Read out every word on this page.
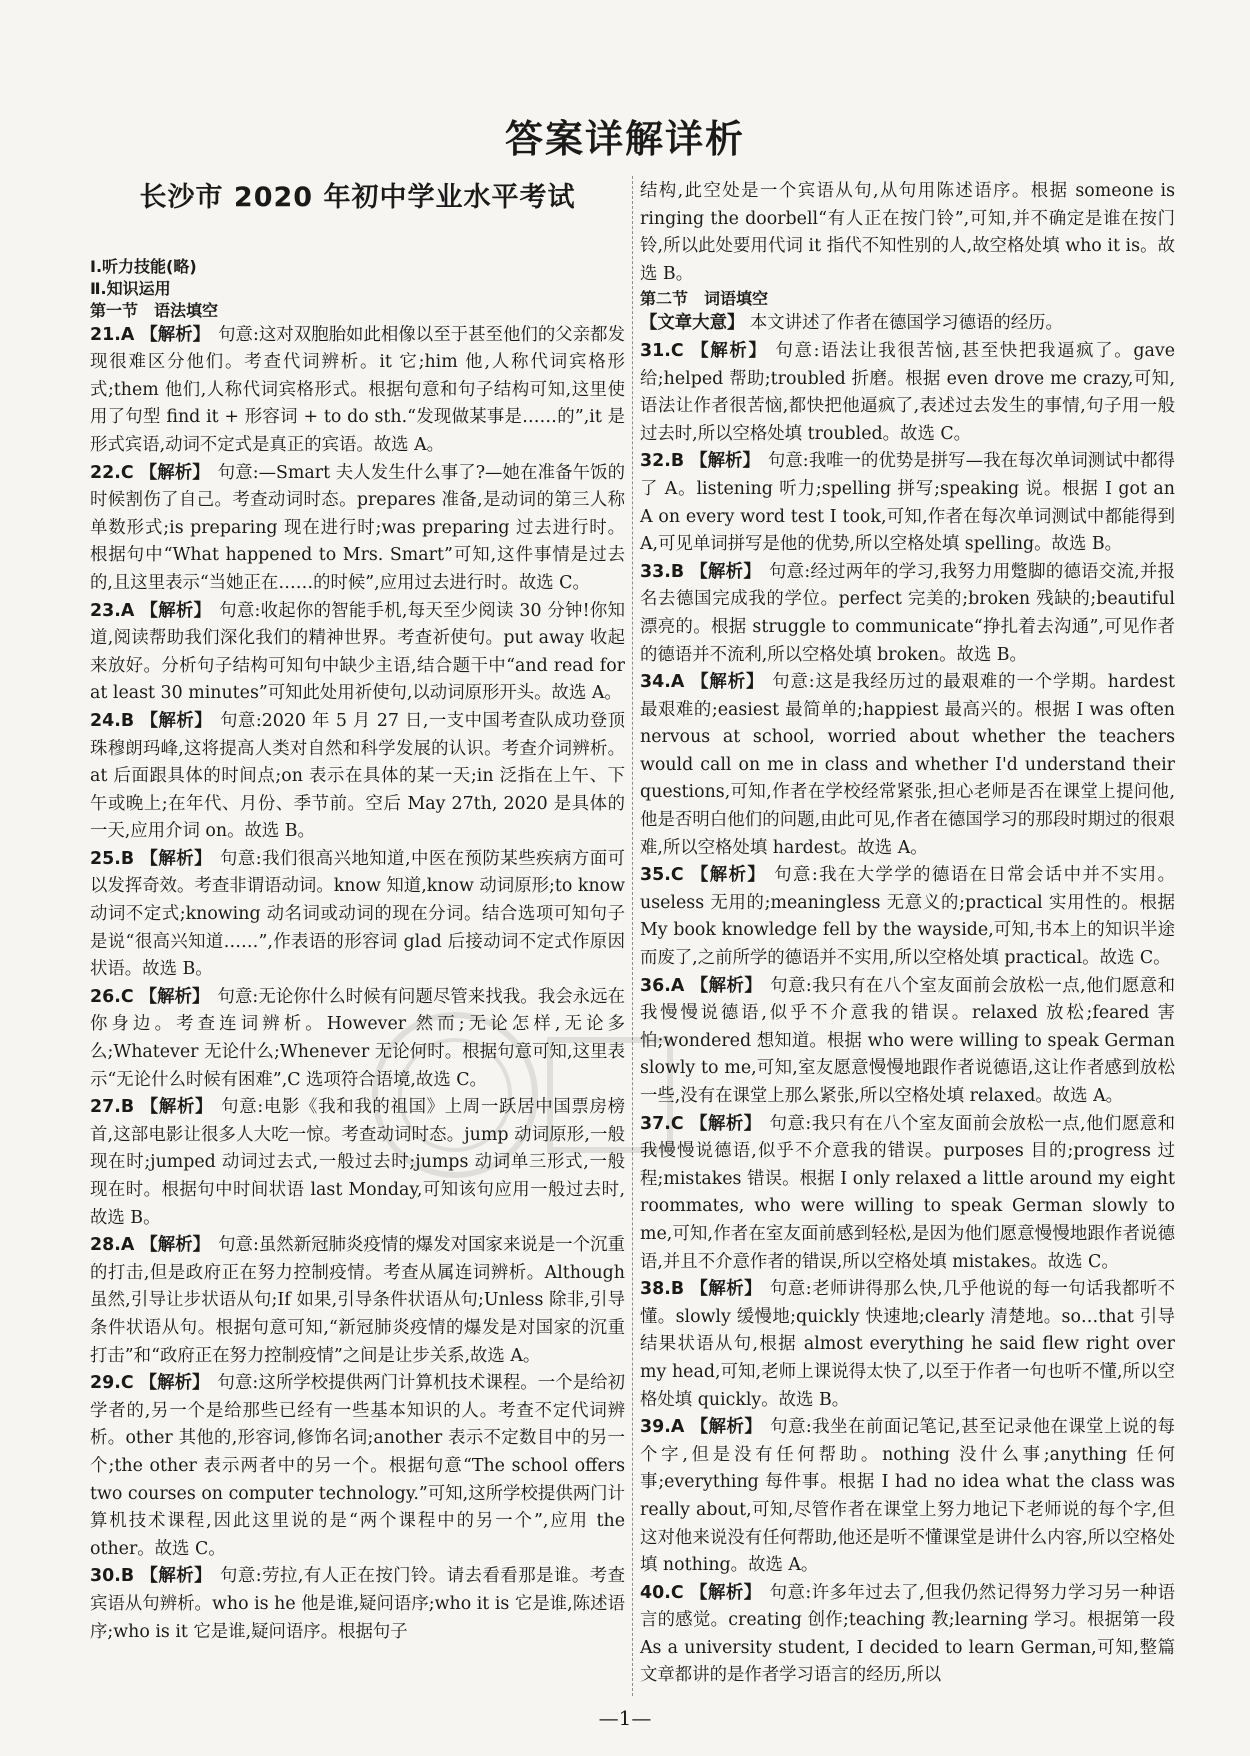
答案详解详析
长沙市 2020 年初中学业水平考试
Ⅰ.听力技能(略)
Ⅱ.知识运用
第一节　语法填空

21.A 【解析】 句意:这对双胞胎如此相像以至于甚至他们的父亲都发现很难区分他们。考查代词辨析。it 它;him 他,人称代词宾格形式;them 他们,人称代词宾格形式。根据句意和句子结构可知,这里使用了句型 find it + 形容词 + to do sth.“发现做某事是……的”,it 是形式宾语,动词不定式是真正的宾语。故选 A。

22.C 【解析】 句意:—Smart 夫人发生什么事了?—她在准备午饭的时候割伤了自己。考查动词时态。prepares 准备,是动词的第三人称单数形式;is preparing 现在进行时;was preparing 过去进行时。根据句中“What happened to Mrs. Smart”可知,这件事情是过去的,且这里表示“当她正在……的时候”,应用过去进行时。故选 C。

23.A 【解析】 句意:收起你的智能手机,每天至少阅读 30 分钟!你知道,阅读帮助我们深化我们的精神世界。考查祈使句。put away 收起来放好。分析句子结构可知句中缺少主语,结合题干中“and read for at least 30 minutes”可知此处用祈使句,以动词原形开头。故选 A。

24.B 【解析】 句意:2020 年 5 月 27 日,一支中国考查队成功登顶珠穆朗玛峰,这将提高人类对自然和科学发展的认识。考查介词辨析。at 后面跟具体的时间点;on 表示在具体的某一天;in 泛指在上午、下午或晚上;在年代、月份、季节前。空后 May 27th, 2020 是具体的一天,应用介词 on。故选 B。

25.B 【解析】 句意:我们很高兴地知道,中医在预防某些疾病方面可以发挥奇效。考查非谓语动词。know 知道,know 动词原形;to know 动词不定式;knowing 动名词或动词的现在分词。结合选项可知句子是说“很高兴知道……”,作表语的形容词 glad 后接动词不定式作原因状语。故选 B。

26.C 【解析】 句意:无论你什么时候有问题尽管来找我。我会永远在你身边。考查连词辨析。However 然而;无论怎样,无论多么;Whatever 无论什么;Whenever 无论何时。根据句意可知,这里表示“无论什么时候有困难”,C 选项符合语境,故选 C。

27.B 【解析】 句意:电影《我和我的祖国》上周一跃居中国票房榜首,这部电影让很多人大吃一惊。考查动词时态。jump 动词原形,一般现在时;jumped 动词过去式,一般过去时;jumps 动词单三形式,一般现在时。根据句中时间状语 last Monday,可知该句应用一般过去时,故选 B。

28.A 【解析】 句意:虽然新冠肺炎疫情的爆发对国家来说是一个沉重的打击,但是政府正在努力控制疫情。考查从属连词辨析。Although 虽然,引导让步状语从句;If 如果,引导条件状语从句;Unless 除非,引导条件状语从句。根据句意可知,“新冠肺炎疫情的爆发是对国家的沉重打击”和“政府正在努力控制疫情”之间是让步关系,故选 A。

29.C 【解析】 句意:这所学校提供两门计算机技术课程。一个是给初学者的,另一个是给那些已经有一些基本知识的人。考查不定代词辨析。other 其他的,形容词,修饰名词;another 表示不定数目中的另一个;the other 表示两者中的另一个。根据句意“The school offers two courses on computer technology.”可知,这所学校提供两门计算机技术课程,因此这里说的是“两个课程中的另一个”,应用 the other。故选 C。

30.B 【解析】 句意:劳拉,有人正在按门铃。请去看看那是谁。考查宾语从句辨析。who is he 他是谁,疑问语序;who it is 它是谁,陈述语序;who is it 它是谁,疑问语序。根据句子

结构,此空处是一个宾语从句,从句用陈述语序。根据 someone is ringing the doorbell“有人正在按门铃”,可知,并不确定是谁在按门铃,所以此处要用代词 it 指代不知性别的人,故空格处填 who it is。故选 B。

第二节　词语填空

【文章大意】 本文讲述了作者在德国学习德语的经历。

31.C 【解析】 句意:语法让我很苦恼,甚至快把我逼疯了。gave 给;helped 帮助;troubled 折磨。根据 even drove me crazy,可知,语法让作者很苦恼,都快把他逼疯了,表述过去发生的事情,句子用一般过去时,所以空格处填 troubled。故选 C。

32.B 【解析】 句意:我唯一的优势是拼写—我在每次单词测试中都得了 A。listening 听力;spelling 拼写;speaking 说。根据 I got an A on every word test I took,可知,作者在每次单词测试中都能得到 A,可见单词拼写是他的优势,所以空格处填 spelling。故选 B。

33.B 【解析】 句意:经过两年的学习,我努力用蹩脚的德语交流,并报名去德国完成我的学位。perfect 完美的;broken 残缺的;beautiful 漂亮的。根据 struggle to communicate“挣扎着去沟通”,可见作者的德语并不流利,所以空格处填 broken。故选 B。

34.A 【解析】 句意:这是我经历过的最艰难的一个学期。hardest 最艰难的;easiest 最简单的;happiest 最高兴的。根据 I was often nervous at school, worried about whether the teachers would call on me in class and whether I'd understand their questions,可知,作者在学校经常紧张,担心老师是否在课堂上提问他,他是否明白他们的问题,由此可见,作者在德国学习的那段时期过的很艰难,所以空格处填 hardest。故选 A。

35.C 【解析】 句意:我在大学学的德语在日常会话中并不实用。useless 无用的;meaningless 无意义的;practical 实用性的。根据 My book knowledge fell by the wayside,可知,书本上的知识半途而废了,之前所学的德语并不实用,所以空格处填 practical。故选 C。

36.A 【解析】 句意:我只有在八个室友面前会放松一点,他们愿意和我慢慢说德语,似乎不介意我的错误。relaxed 放松;feared 害怕;wondered 想知道。根据 who were willing to speak German slowly to me,可知,室友愿意慢慢地跟作者说德语,这让作者感到放松一些,没有在课堂上那么紧张,所以空格处填 relaxed。故选 A。

37.C 【解析】 句意:我只有在八个室友面前会放松一点,他们愿意和我慢慢说德语,似乎不介意我的错误。purposes 目的;progress 过程;mistakes 错误。根据 I only relaxed a little around my eight roommates, who were willing to speak German slowly to me,可知,作者在室友面前感到轻松,是因为他们愿意慢慢地跟作者说德语,并且不介意作者的错误,所以空格处填 mistakes。故选 C。

38.B 【解析】 句意:老师讲得那么快,几乎他说的每一句话我都听不懂。slowly 缓慢地;quickly 快速地;clearly 清楚地。so…that 引导结果状语从句,根据 almost everything he said flew right over my head,可知,老师上课说得太快了,以至于作者一句也听不懂,所以空格处填 quickly。故选 B。

39.A 【解析】 句意:我坐在前面记笔记,甚至记录他在课堂上说的每个字,但是没有任何帮助。nothing 没什么事;anything 任何事;everything 每件事。根据 I had no idea what the class was really about,可知,尽管作者在课堂上努力地记下老师说的每个字,但这对他来说没有任何帮助,他还是听不懂课堂是讲什么内容,所以空格处填 nothing。故选 A。

40.C 【解析】 句意:许多年过去了,但我仍然记得努力学习另一种语言的感觉。creating 创作;teaching 教;learning 学习。根据第一段 As a university student, I decided to learn German,可知,整篇文章都讲的是作者学习语言的经历,所以

—1—
